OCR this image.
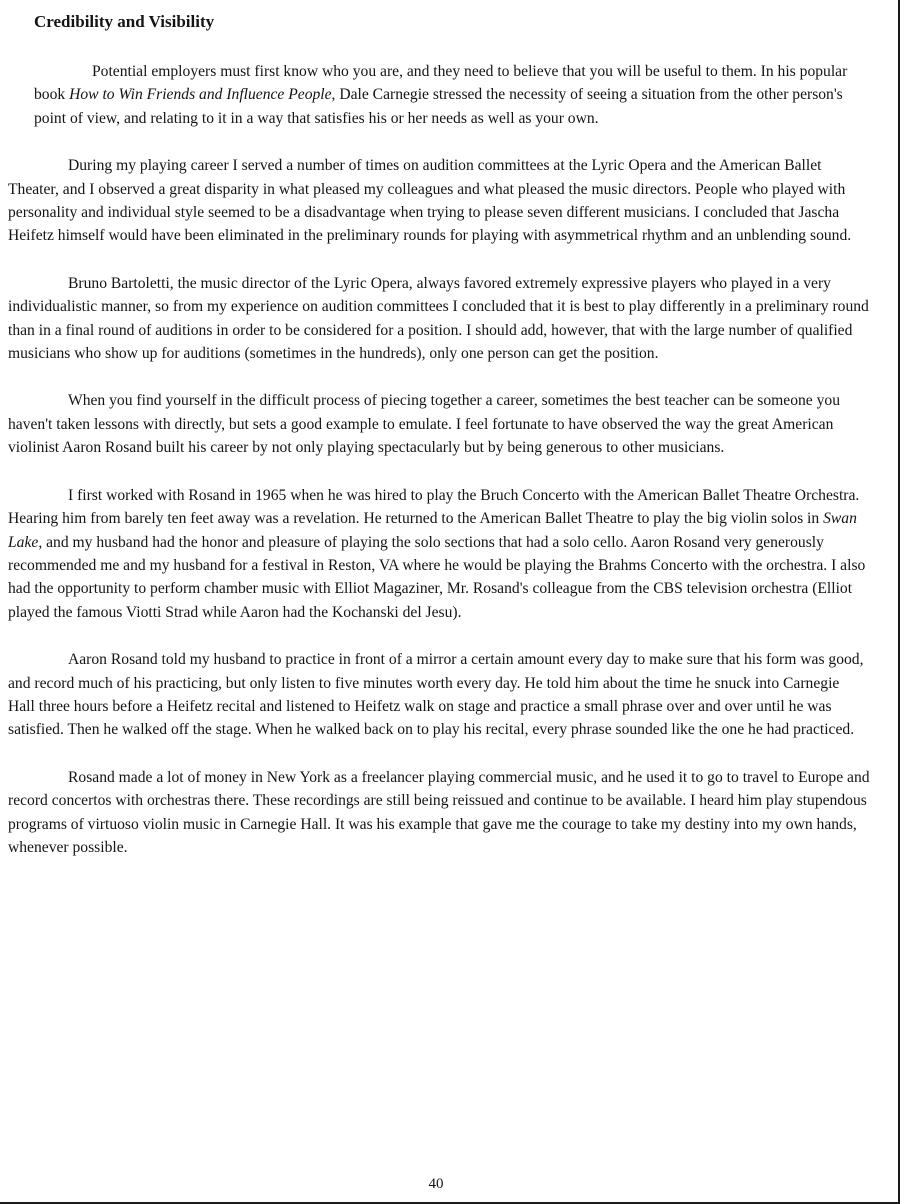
Credibility and Visibility

Potential employers must first know who you are, and they need to believe that you will be useful to them. In his popular book How to Win Friends and Influence People, Dale Carnegie stressed the necessity of seeing a situation from the other person's point of view, and relating to it in a way that satisfies his or her needs as well as your own.

During my playing career I served a number of times on audition committees at the Lyric Opera and the American Ballet Theater, and I observed a great disparity in what pleased my colleagues and what pleased the music directors. People who played with personality and individual style seemed to be a disadvantage when trying to please seven different musicians. I concluded that Jascha Heifetz himself would have been eliminated in the preliminary rounds for playing with asymmetrical rhythm and an unblending sound.

Bruno Bartoletti, the music director of the Lyric Opera, always favored extremely expressive players who played in a very individualistic manner, so from my experience on audition committees I concluded that it is best to play differently in a preliminary round than in a final round of auditions in order to be considered for a position. I should add, however, that with the large number of qualified musicians who show up for auditions (sometimes in the hundreds), only one person can get the position.

When you find yourself in the difficult process of piecing together a career, sometimes the best teacher can be someone you haven't taken lessons with directly, but sets a good example to emulate. I feel fortunate to have observed the way the great American violinist Aaron Rosand built his career by not only playing spectacularly but by being generous to other musicians.

I first worked with Rosand in 1965 when he was hired to play the Bruch Concerto with the American Ballet Theatre Orchestra. Hearing him from barely ten feet away was a revelation. He returned to the American Ballet Theatre to play the big violin solos in Swan Lake, and my husband had the honor and pleasure of playing the solo sections that had a solo cello. Aaron Rosand very generously recommended me and my husband for a festival in Reston, VA where he would be playing the Brahms Concerto with the orchestra. I also had the opportunity to perform chamber music with Elliot Magaziner, Mr. Rosand's colleague from the CBS television orchestra (Elliot played the famous Viotti Strad while Aaron had the Kochanski del Jesu).

Aaron Rosand told my husband to practice in front of a mirror a certain amount every day to make sure that his form was good, and record much of his practicing, but only listen to five minutes worth every day. He told him about the time he snuck into Carnegie Hall three hours before a Heifetz recital and listened to Heifetz walk on stage and practice a small phrase over and over until he was satisfied. Then he walked off the stage. When he walked back on to play his recital, every phrase sounded like the one he had practiced.

Rosand made a lot of money in New York as a freelancer playing commercial music, and he used it to go to travel to Europe and record concertos with orchestras there. These recordings are still being reissued and continue to be available. I heard him play stupendous programs of virtuoso violin music in Carnegie Hall. It was his example that gave me the courage to take my destiny into my own hands, whenever possible.

40
